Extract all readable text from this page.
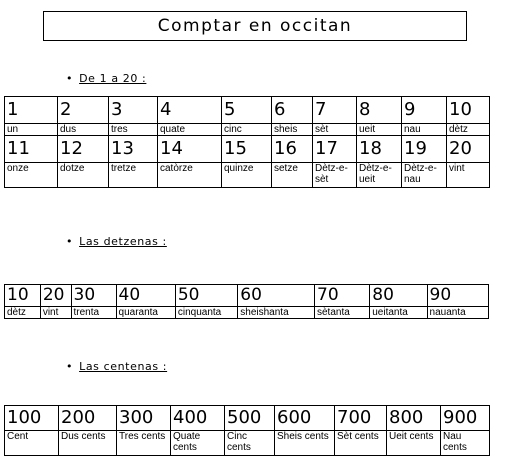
Comptar en occitan
• De 1 a 20 :
1	2	3	4	5	6	7	8	9	10
un	dus	tres	quate	cinc	sheis	sèt	ueit	nau	dètz
11	12	13	14	15	16	17	18	19	20
onze	dotze	tretze	catòrze	quinze	setze	Dètz-e- sèt	Dètz-e-ueit	Dètz-e-nau	vint
• Las detzenas :
10	20	30	40	50	60	70	80	90
dètz	vint	trenta	quaranta	cinquanta	sheishanta	sètanta	ueitanta	nauanta
• Las centenas :
100	200	300	400	500	600	700	800	900
Cent	Dus cents	Tres cents	Quate cents	Cinc cents	Sheis cents	Sèt cents	Ueit cents	Nau cents
